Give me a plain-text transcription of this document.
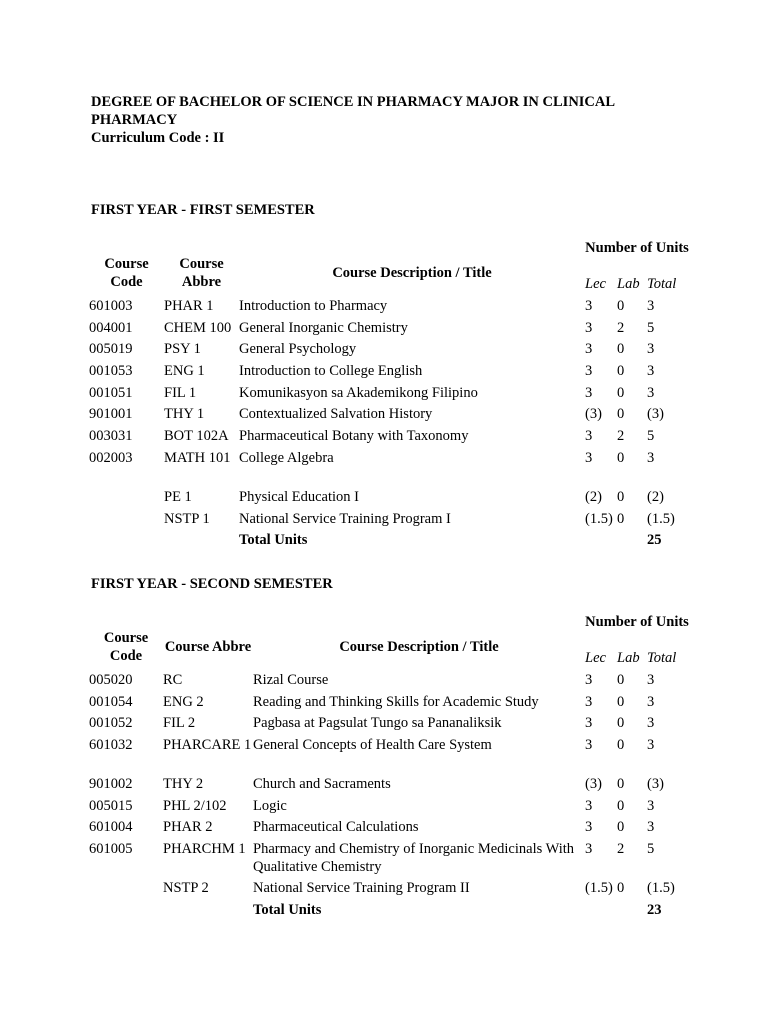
DEGREE OF BACHELOR OF SCIENCE IN PHARMACY MAJOR IN CLINICAL
PHARMACY
Curriculum Code : II
FIRST YEAR - FIRST SEMESTER
Course Code	Course Abbre	Course Description / Title	Number of Units		
			Lec	Lab	Total
601003	PHAR 1	Introduction to Pharmacy	3	0	3
004001	CHEM 100	General Inorganic Chemistry	3	2	5
005019	PSY 1	General Psychology	3	0	3
001053	ENG 1	Introduction to College English	3	0	3
001051	FIL 1	Komunikasyon sa Akademikong Filipino	3	0	3
901001	THY 1	Contextualized Salvation History	(3)	0	(3)
003031	BOT 102A	Pharmaceutical Botany with Taxonomy	3	2	5
002003	MATH 101	College Algebra	3	0	3
	PE 1	Physical Education I	(2)	0	(2)
	NSTP 1	National Service Training Program I	(1.5)	0	(1.5)
		Total Units			25
FIRST YEAR - SECOND SEMESTER
Course Code	Course Abbre	Course Description / Title	Number of Units		
			Lec	Lab	Total
005020	RC	Rizal Course	3	0	3
001054	ENG 2	Reading and Thinking Skills for Academic Study	3	0	3
001052	FIL 2	Pagbasa at Pagsulat Tungo sa Pananaliksik	3	0	3
601032	PHARCARE 1	General Concepts of Health Care System	3	0	3
901002	THY 2	Church and Sacraments	(3)	0	(3)
005015	PHL 2/102	Logic	3	0	3
601004	PHAR 2	Pharmaceutical Calculations	3	0	3
601005	PHARCHM 1	Pharmacy and Chemistry of Inorganic Medicinals With Qualitative Chemistry	3	2	5
	NSTP 2	National Service Training Program II	(1.5)	0	(1.5)
		Total Units			23
